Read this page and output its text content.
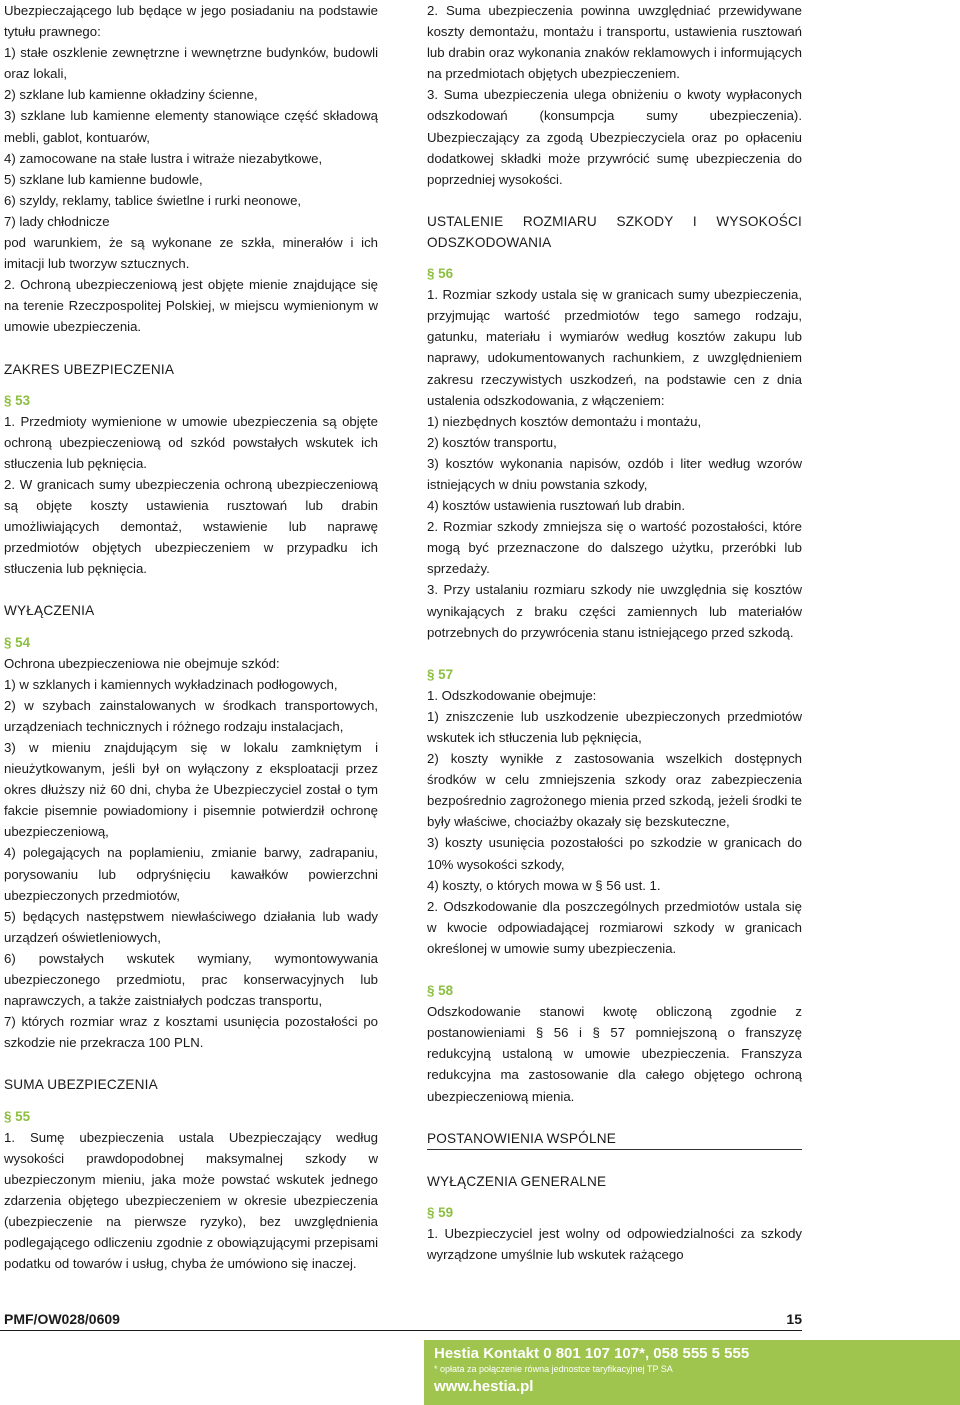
Ubezpieczającego lub będące w jego posiadaniu na podstawie tytułu prawnego:

1) stałe oszklenie zewnętrzne i wewnętrzne budynków, budowli oraz lokali,

2) szklane lub kamienne okładziny ścienne,

3) szklane lub kamienne elementy stanowiące część składową mebli, gablot, kontuarów,

4) zamocowane na stałe lustra i witraże niezabytkowe,

5) szklane lub kamienne budowle,

6) szyldy, reklamy, tablice świetlne i rurki neonowe,

7) lady chłodnicze

pod warunkiem, że są wykonane ze szkła, minerałów i ich imitacji lub tworzyw sztucznych.

2. Ochroną ubezpieczeniową jest objęte mienie znajdujące się na terenie Rzeczpospolitej Polskiej, w miejscu wymienionym w umowie ubezpieczenia.

ZAKRES UBEZPIECZENIA

§ 53

1. Przedmioty wymienione w umowie ubezpieczenia są objęte ochroną ubezpieczeniową od szkód powstałych wskutek ich stłuczenia lub pęknięcia.

2. W granicach sumy ubezpieczenia ochroną ubezpieczeniową są objęte koszty ustawienia rusztowań lub drabin umożliwiających demontaż, wstawienie lub naprawę przedmiotów objętych ubezpieczeniem w przypadku ich stłuczenia lub pęknięcia.

WYŁĄCZENIA

§ 54

Ochrona ubezpieczeniowa nie obejmuje szkód:

1) w szklanych i kamiennych wykładzinach podłogowych,

2) w szybach zainstalowanych w środkach transportowych, urządzeniach technicznych i różnego rodzaju instalacjach,

3) w mieniu znajdującym się w lokalu zamkniętym i nieużytkowanym, jeśli był on wyłączony z eksploatacji przez okres dłuższy niż 60 dni, chyba że Ubezpieczyciel został o tym fakcie pisemnie powiadomiony i pisemnie potwierdził ochronę ubezpieczeniową,

4) polegających na poplamieniu, zmianie barwy, zadrapaniu, porysowaniu lub odpryśnięciu kawałków powierzchni ubezpieczonych przedmiotów,

5) będących następstwem niewłaściwego działania lub wady urządzeń oświetleniowych,

6) powstałych wskutek wymiany, wymontowywania ubezpieczonego przedmiotu, prac konserwacyjnych lub naprawczych, a także zaistniałych podczas transportu,

7) których rozmiar wraz z kosztami usunięcia pozostałości po szkodzie nie przekracza 100 PLN.

SUMA UBEZPIECZENIA

§ 55

1. Sumę ubezpieczenia ustala Ubezpieczający według wysokości prawdopodobnej maksymalnej szkody w ubezpieczonym mieniu, jaka może powstać wskutek jednego zdarzenia objętego ubezpieczeniem w okresie ubezpieczenia (ubezpieczenie na pierwsze ryzyko), bez uwzględnienia podlegającego odliczeniu zgodnie z obowiązującymi przepisami podatku od towarów i usług, chyba że umówiono się inaczej.

2. Suma ubezpieczenia powinna uwzględniać przewidywane koszty demontażu, montażu i transportu, ustawienia rusztowań lub drabin oraz wykonania znaków reklamowych i informujących na przedmiotach objętych ubezpieczeniem.

3. Suma ubezpieczenia ulega obniżeniu o kwoty wypłaconych odszkodowań (konsumpcja sumy ubezpieczenia). Ubezpieczający za zgodą Ubezpieczyciela oraz po opłaceniu dodatkowej składki może przywrócić sumę ubezpieczenia do poprzedniej wysokości.

USTALENIE ROZMIARU SZKODY I WYSOKOŚCI ODSZKODOWANIA

§ 56

1. Rozmiar szkody ustala się w granicach sumy ubezpieczenia, przyjmując wartość przedmiotów tego samego rodzaju, gatunku, materiału i wymiarów według kosztów zakupu lub naprawy, udokumentowanych rachunkiem, z uwzględnieniem zakresu rzeczywistych uszkodzeń, na podstawie cen z dnia ustalenia odszkodowania, z włączeniem:

1) niezbędnych kosztów demontażu i montażu,

2) kosztów transportu,

3) kosztów wykonania napisów, ozdób i liter według wzorów istniejących w dniu powstania szkody,

4) kosztów ustawienia rusztowań lub drabin.

2. Rozmiar szkody zmniejsza się o wartość pozostałości, które mogą być przeznaczone do dalszego użytku, przeróbki lub sprzedaży.

3. Przy ustalaniu rozmiaru szkody nie uwzględnia się kosztów wynikających z braku części zamiennych lub materiałów potrzebnych do przywrócenia stanu istniejącego przed szkodą.

§ 57

1. Odszkodowanie obejmuje:

1) zniszczenie lub uszkodzenie ubezpieczonych przedmiotów wskutek ich stłuczenia lub pęknięcia,

2) koszty wynikłe z zastosowania wszelkich dostępnych środków w celu zmniejszenia szkody oraz zabezpieczenia bezpośrednio zagrożonego mienia przed szkodą, jeżeli środki te były właściwe, chociażby okazały się bezskuteczne,

3) koszty usunięcia pozostałości po szkodzie w granicach do 10% wysokości szkody,

4) koszty, o których mowa w § 56 ust. 1.

2. Odszkodowanie dla poszczególnych przedmiotów ustala się w kwocie odpowiadającej rozmiarowi szkody w granicach określonej w umowie sumy ubezpieczenia.

§ 58

Odszkodowanie stanowi kwotę obliczoną zgodnie z postanowieniami § 56 i § 57 pomniejszoną o franszyzę redukcyjną ustaloną w umowie ubezpieczenia. Franszyza redukcyjna ma zastosowanie dla całego objętego ochroną ubezpieczeniową mienia.

POSTANOWIENIA WSPÓLNE
WYŁĄCZENIA GENERALNE

§ 59

1. Ubezpieczyciel jest wolny od odpowiedzialności za szkody wyrządzone umyślnie lub wskutek rażącego

PMF/OW028/0609	15
Hestia Kontakt 0 801 107 107*, 058 555 5 555
* opłata za połączenie równa jednostce taryfikacyjnej TP SA
www.hestia.pl
